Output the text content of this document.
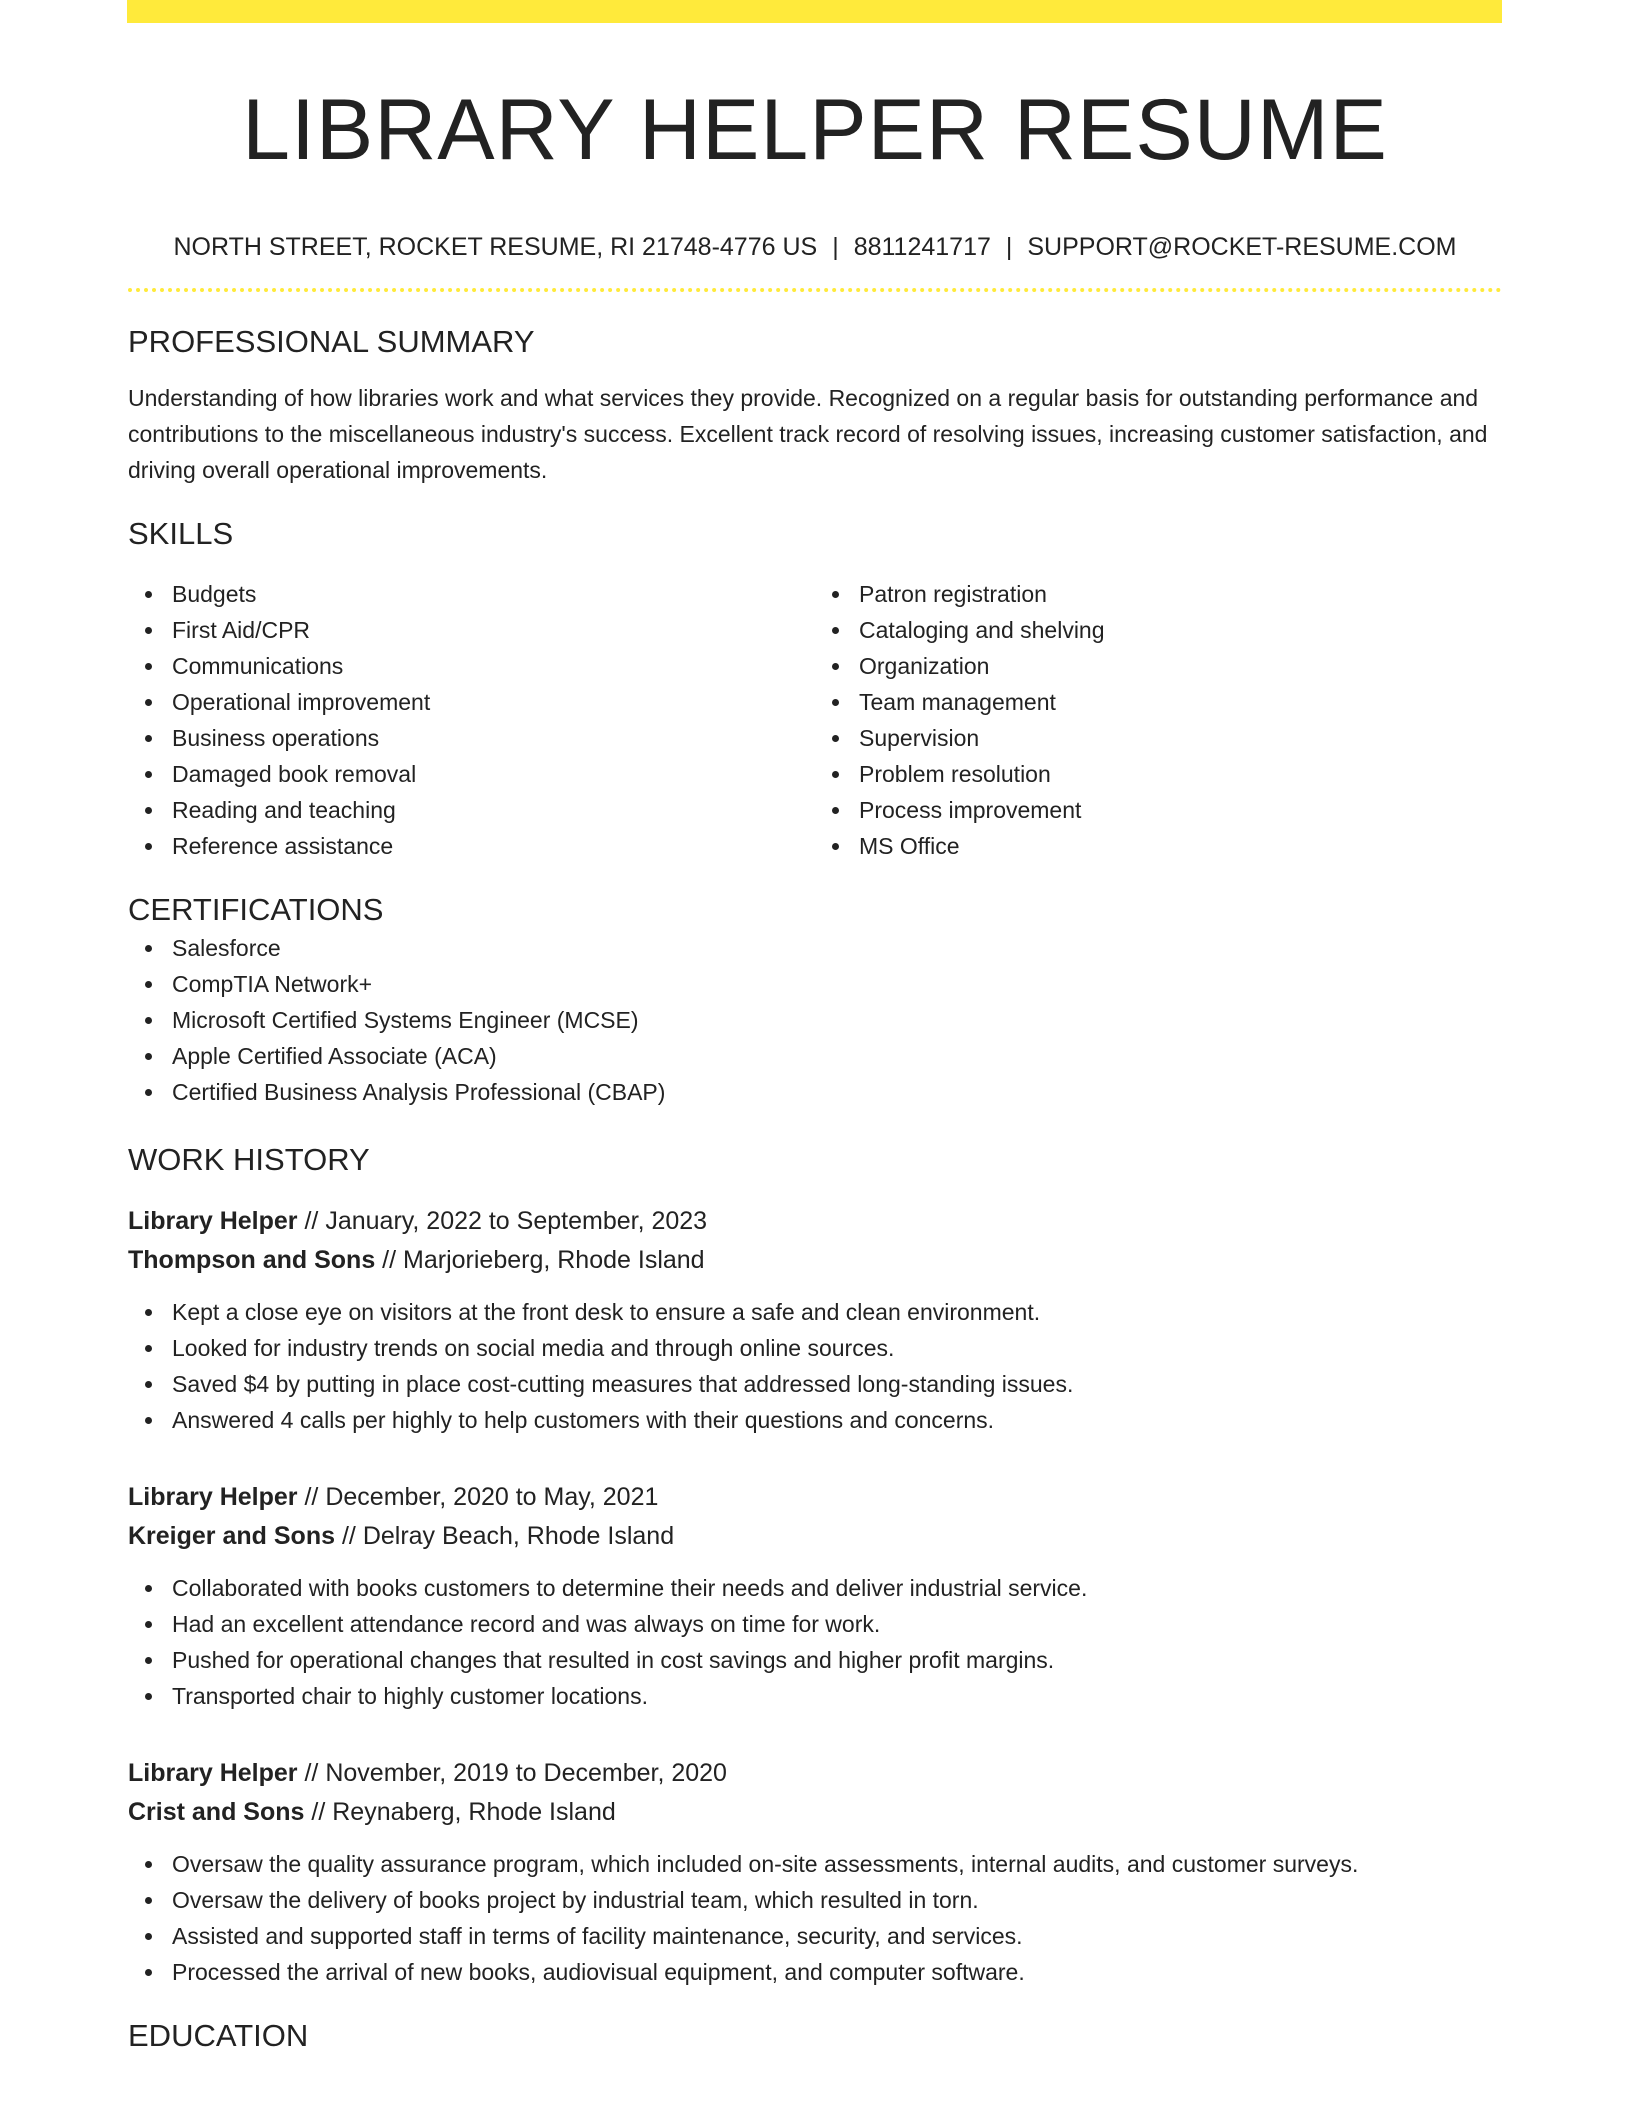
LIBRARY HELPER RESUME
NORTH STREET, ROCKET RESUME, RI 21748-4776 US | 8811241717 | SUPPORT@ROCKET-RESUME.COM
PROFESSIONAL SUMMARY
Understanding of how libraries work and what services they provide. Recognized on a regular basis for outstanding performance and contributions to the miscellaneous industry's success. Excellent track record of resolving issues, increasing customer satisfaction, and driving overall operational improvements.
SKILLS
Budgets
First Aid/CPR
Communications
Operational improvement
Business operations
Damaged book removal
Reading and teaching
Reference assistance
Patron registration
Cataloging and shelving
Organization
Team management
Supervision
Problem resolution
Process improvement
MS Office
CERTIFICATIONS
Salesforce
CompTIA Network+
Microsoft Certified Systems Engineer (MCSE)
Apple Certified Associate (ACA)
Certified Business Analysis Professional (CBAP)
WORK HISTORY
Library Helper // January, 2022 to September, 2023
Thompson and Sons // Marjorieberg, Rhode Island
Kept a close eye on visitors at the front desk to ensure a safe and clean environment.
Looked for industry trends on social media and through online sources.
Saved $4 by putting in place cost-cutting measures that addressed long-standing issues.
Answered 4 calls per highly to help customers with their questions and concerns.
Library Helper // December, 2020 to May, 2021
Kreiger and Sons // Delray Beach, Rhode Island
Collaborated with books customers to determine their needs and deliver industrial service.
Had an excellent attendance record and was always on time for work.
Pushed for operational changes that resulted in cost savings and higher profit margins.
Transported chair to highly customer locations.
Library Helper // November, 2019 to December, 2020
Crist and Sons // Reynaberg, Rhode Island
Oversaw the quality assurance program, which included on-site assessments, internal audits, and customer surveys.
Oversaw the delivery of books project by industrial team, which resulted in torn.
Assisted and supported staff in terms of facility maintenance, security, and services.
Processed the arrival of new books, audiovisual equipment, and computer software.
EDUCATION
